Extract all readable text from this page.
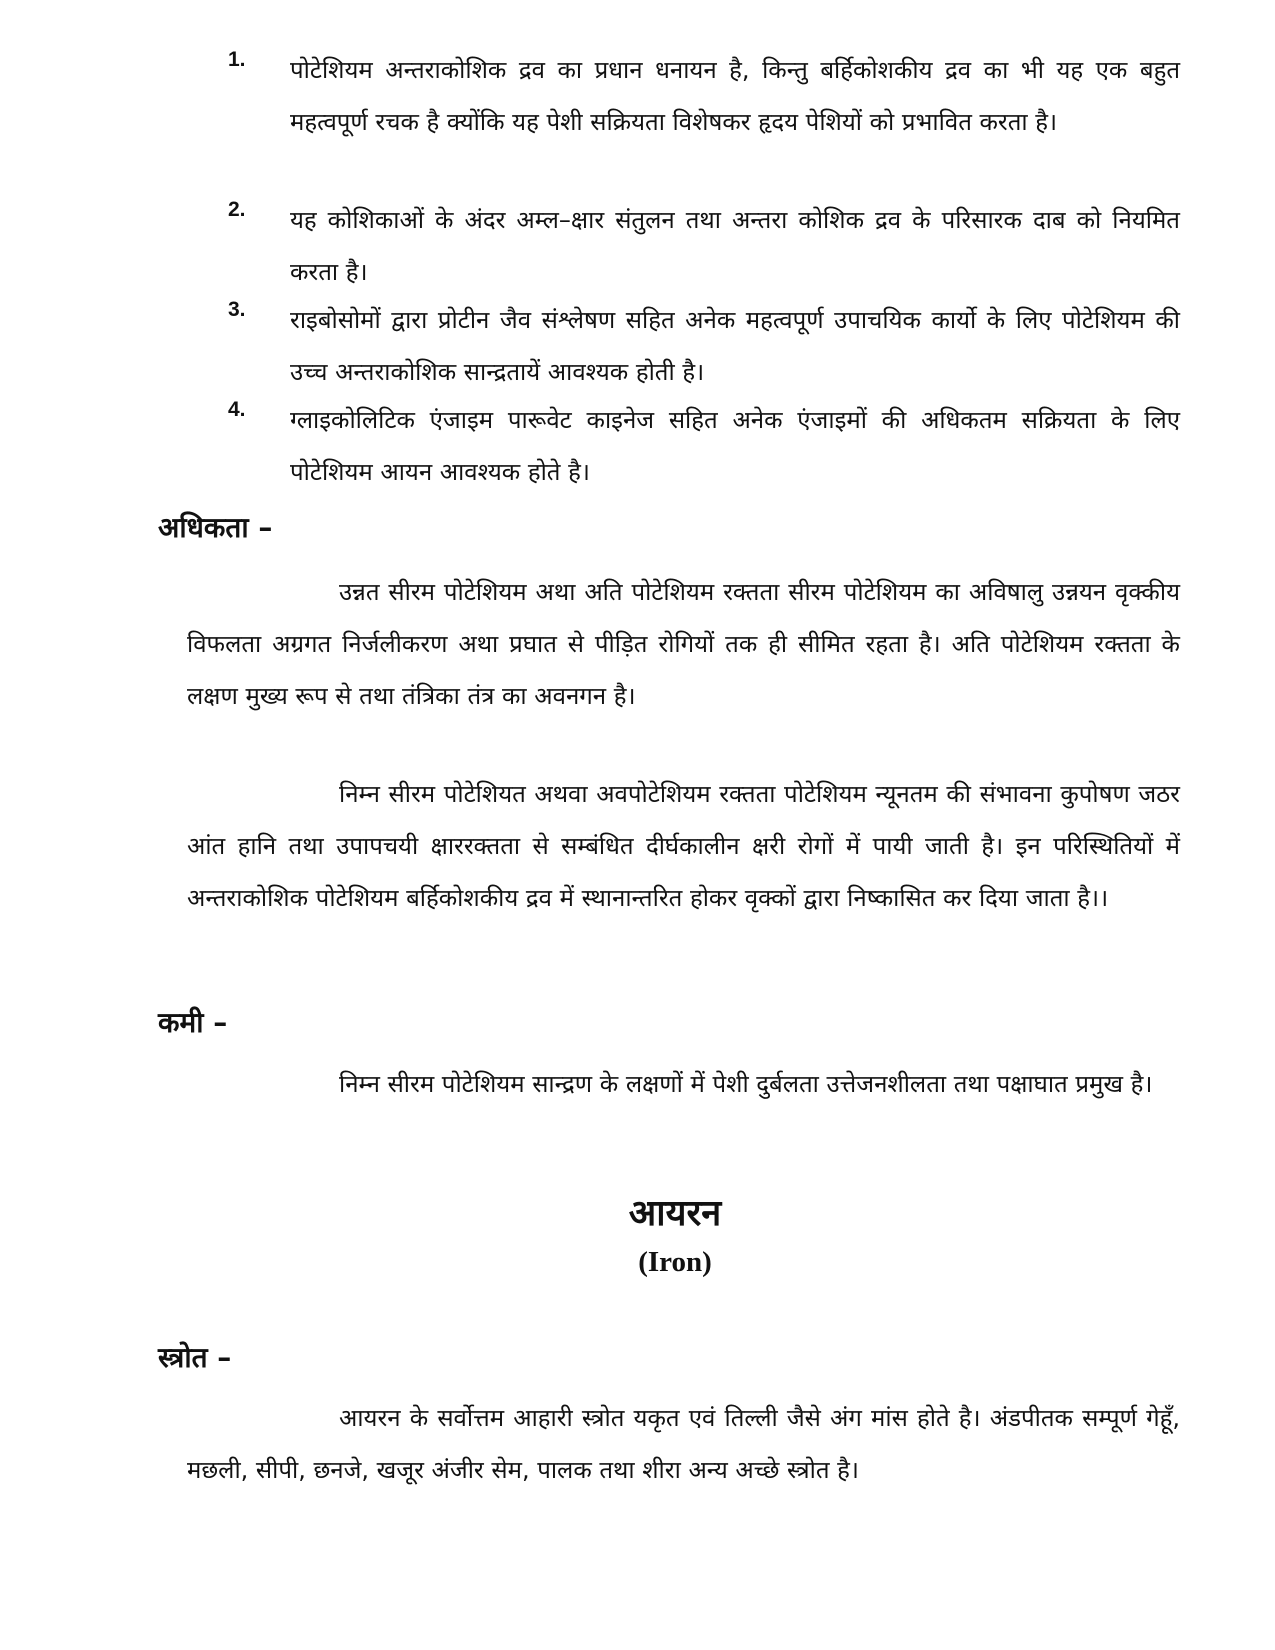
1. पोटेशियम अन्तराकोशिक द्रव का प्रधान धनायन है, किन्तु बर्हिकोशकीय द्रव का भी यह एक बहुत महत्वपूर्ण रचक है क्योंकि यह पेशी सक्रियता विशेषकर हृदय पेशियों को प्रभावित करता है।
2. यह कोशिकाओं के अंदर अम्ल–क्षार संतुलन तथा अन्तरा कोशिक द्रव के परिसारक दाब को नियमित करता है।
3. राइबोसोमों द्वारा प्रोटीन जैव संश्लेषण सहित अनेक महत्वपूर्ण उपाचयिक कार्यो के लिए पोटेशियम की उच्च अन्तराकोशिक सान्द्रतायें आवश्यक होती है।
4. ग्लाइकोलिटिक एंजाइम पारूवेट काइनेज सहित अनेक एंजाइमों की अधिकतम सक्रियता के लिए पोटेशियम आयन आवश्यक होते है।
अधिकता –
उन्नत सीरम पोटेशियम अथा अति पोटेशियम रक्तता सीरम पोटेशियम का अविषालु उन्नयन वृक्कीय विफलता अग्रगत निर्जलीकरण अथा प्रघात से पीड़ित रोगियों तक ही सीमित रहता है। अति पोटेशियम रक्तता के लक्षण मुख्य रूप से तथा तंत्रिका तंत्र का अवनगन है।
निम्न सीरम पोटेशियत अथवा अवपोटेशियम रक्तता पोटेशियम न्यूनतम की संभावना कुपोषण जठर आंत हानि तथा उपापचयी क्षाररक्तता से सम्बंधित दीर्घकालीन क्षरी रोगों में पायी जाती है। इन परिस्थितियों में अन्तराकोशिक पोटेशियम बर्हिकोशकीय द्रव में स्थानान्तरित होकर वृक्कों द्वारा निष्कासित कर दिया जाता है।।
कमी –
निम्न सीरम पोटेशियम सान्द्रण के लक्षणों में पेशी दुर्बलता उत्तेजनशीलता तथा पक्षाघात प्रमुख है।
आयरन
(Iron)
स्त्रोत –
आयरन के सर्वोत्तम आहारी स्त्रोत यकृत एवं तिल्ली जैसे अंग मांस होते है। अंडपीतक सम्पूर्ण गेहूँ, मछली, सीपी, छनजे, खजूर अंजीर सेम, पालक तथा शीरा अन्य अच्छे स्त्रोत है।
